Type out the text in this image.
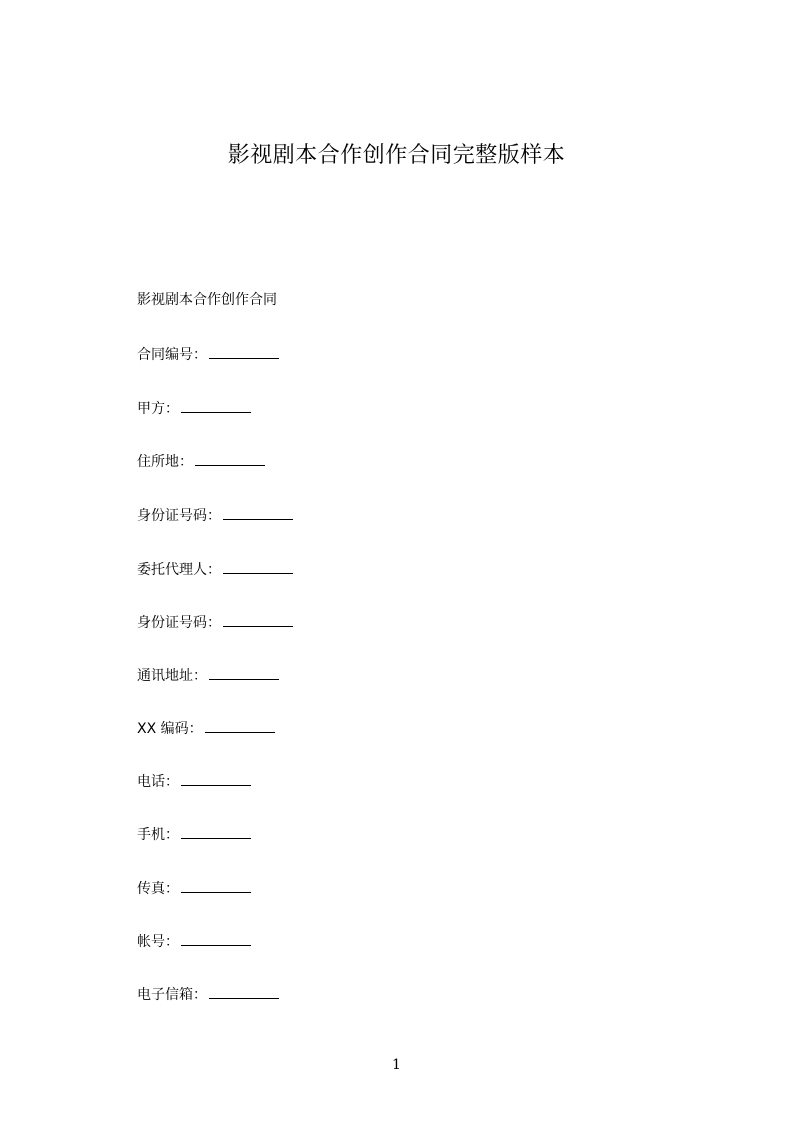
影视剧本合作创作合同完整版样本
影视剧本合作创作合同
合同编号：
甲方：
住所地：
身份证号码：
委托代理人：
身份证号码：
通讯地址：
XX 编码：
电话：
手机：
传真：
帐号：
电子信箱：
1
